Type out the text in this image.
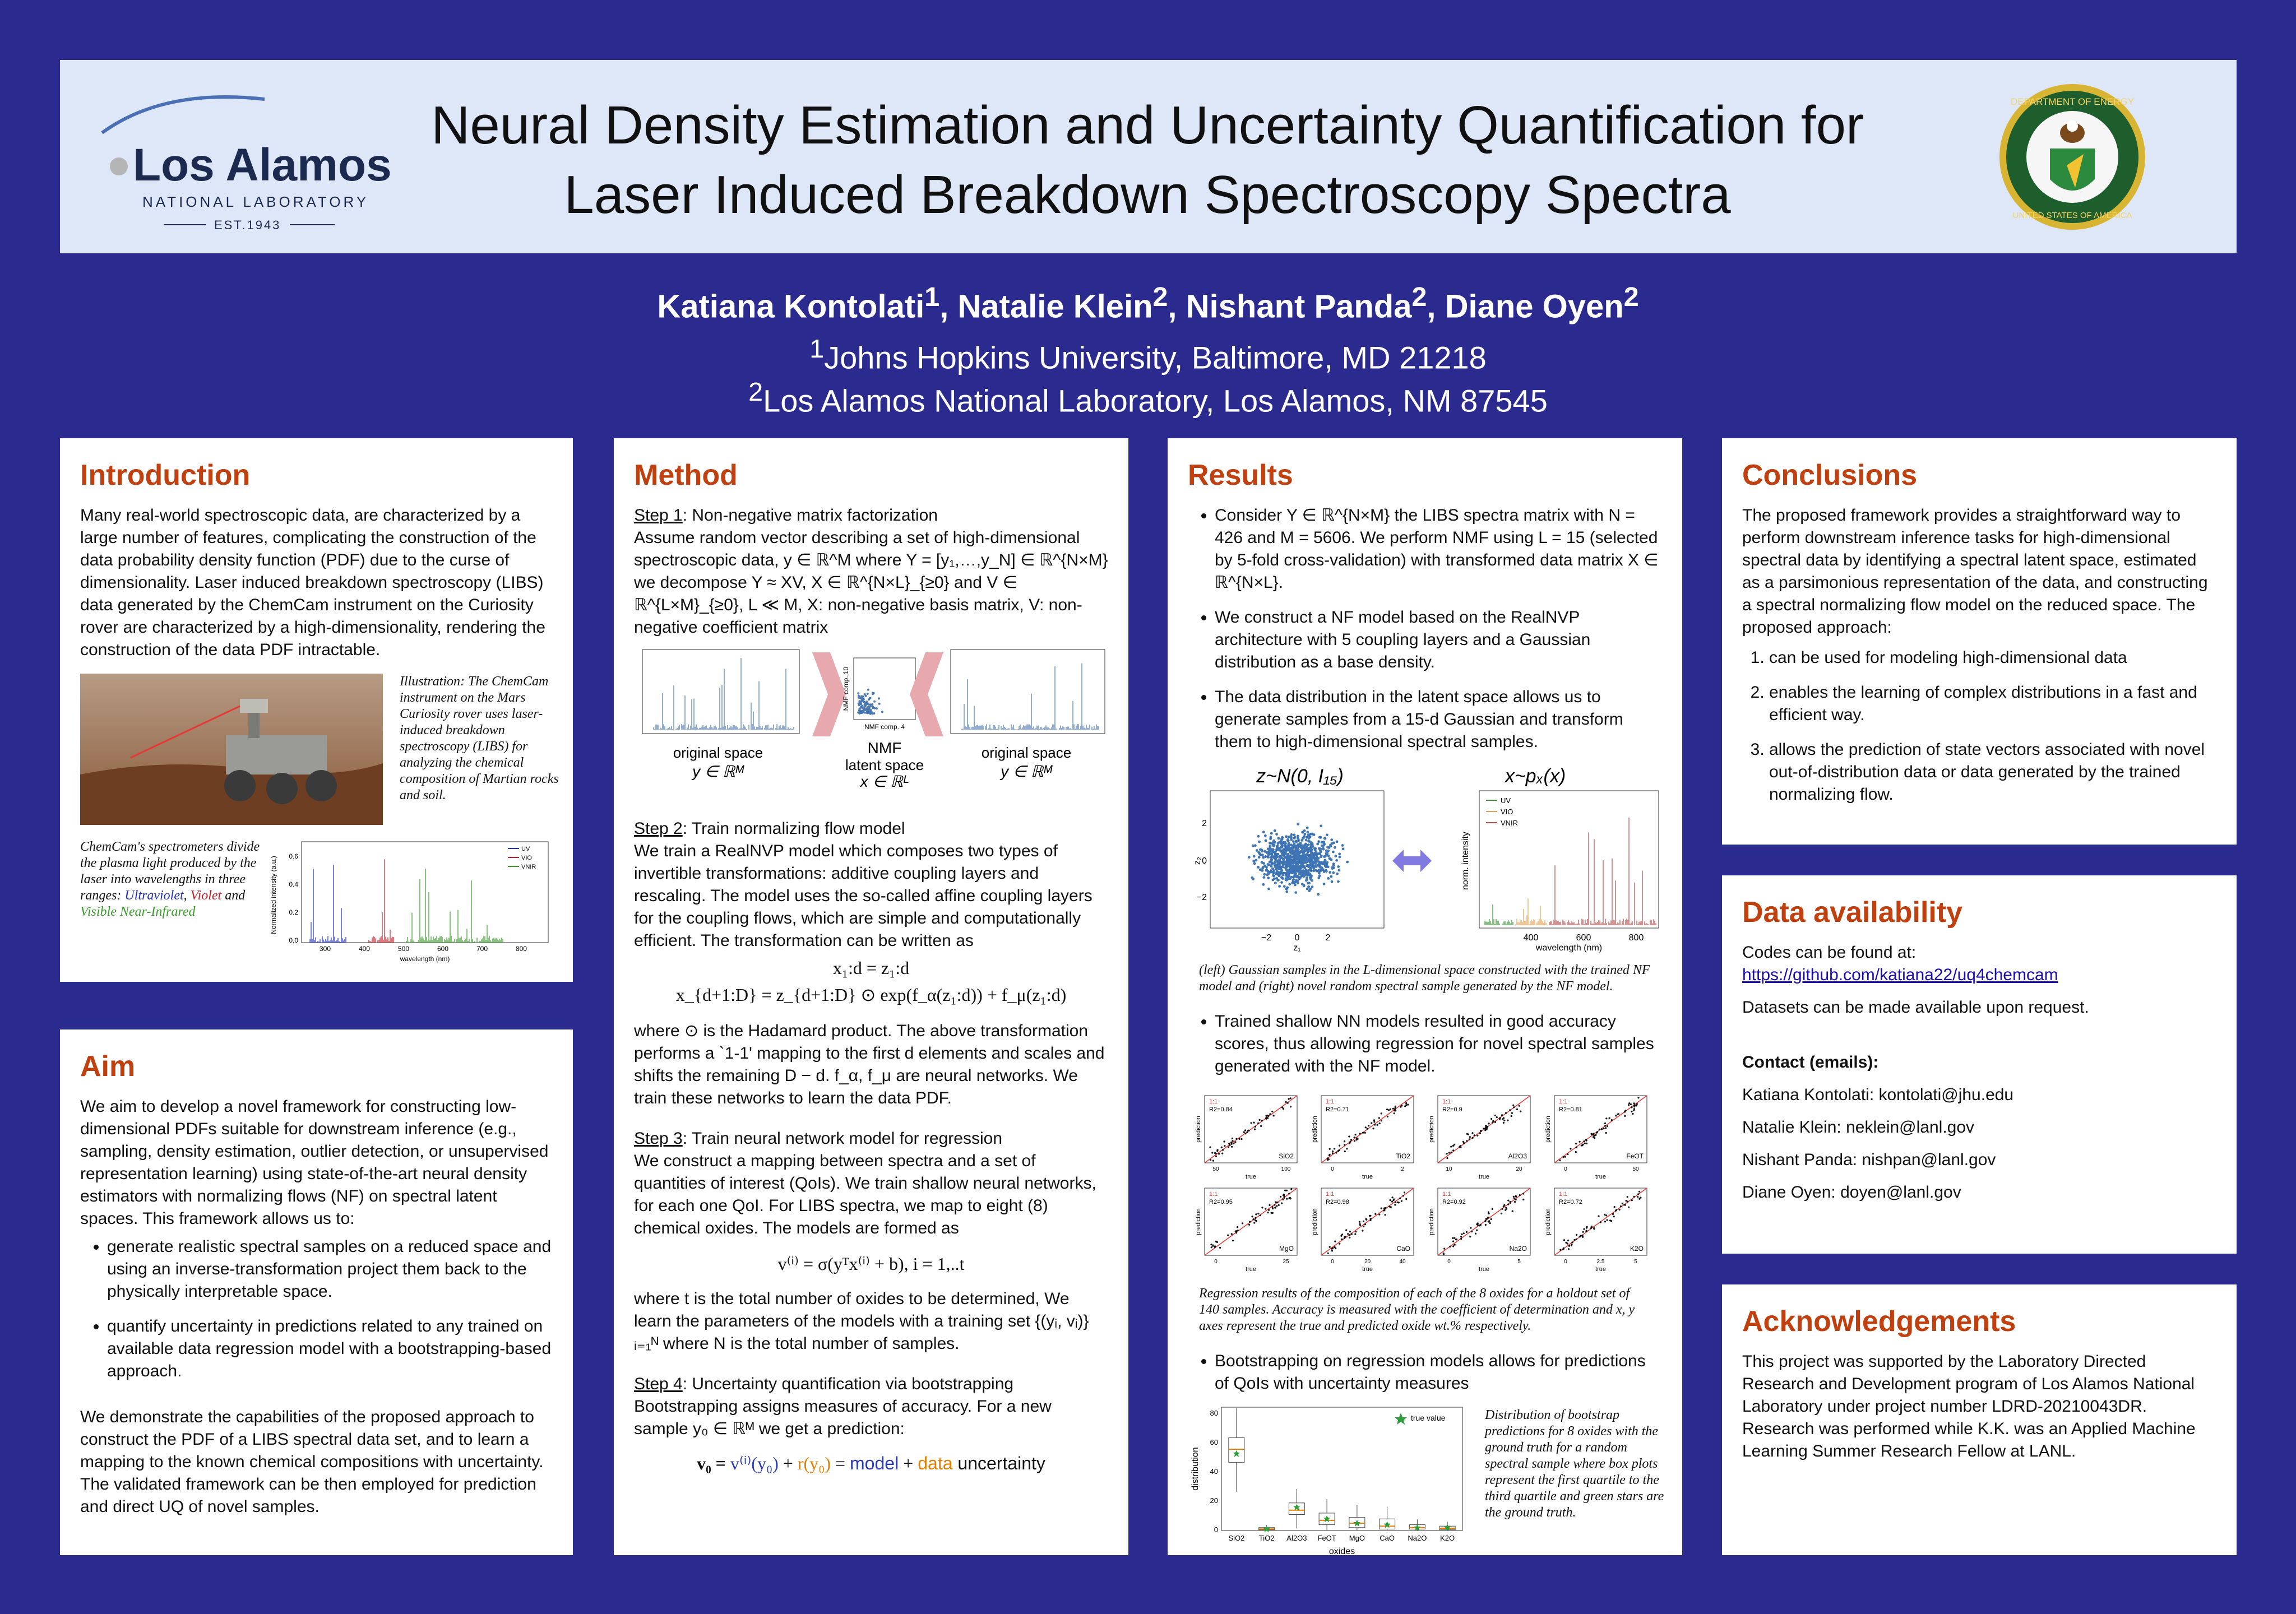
Los Alamos
NATIONAL LABORATORY
EST.1943
Neural Density Estimation and Uncertainty Quantification for
Laser Induced Breakdown Spectroscopy Spectra
DEPARTMENT OF ENERGY
UNITED STATES OF AMERICA
Katiana Kontolati$^1$, Natalie Klein$^2$, Nishant Panda$^2$, Diane Oyen$^2$
$^1$Johns Hopkins University, Baltimore, MD 21218
$^2$Los Alamos National Laboratory, Los Alamos, NM 87545
Introduction

Many real-world spectroscopic data, are characterized by a large number of features, complicating the construction of the data probability density function (PDF) due to the curse of dimensionality. Laser induced breakdown spectroscopy (LIBS) data generated by the ChemCam instrument on the Curiosity rover are characterized by a high-dimensionality, rendering the construction of the data PDF intractable.

Illustration: The ChemCam instrument on the Mars Curiosity rover uses laser-induced breakdown spectroscopy (LIBS) for analyzing the chemical composition of Martian rocks and soil.
ChemCam's spectrometers divide the plasma light produced by the laser into wavelengths in three ranges: Ultraviolet, Violet and Visible Near-Infrared	Normalized intensity (a.u.)
0.0
0.2
0.4
0.6
300	400	500	600	700	800
wavelength (nm)
UV
VIO
VNIR
Aim

We aim to develop a novel framework for constructing low-dimensional PDFs suitable for downstream inference (e.g., sampling, density estimation, outlier detection, or unsupervised representation learning) using state-of-the-art neural density estimators with normalizing flows (NF) on spectral latent spaces. This framework allows us to:

• generate realistic spectral samples on a reduced space and using an inverse-transformation project them back to the physically interpretable space.
• quantify uncertainty in predictions related to any trained on available data regression model with a bootstrapping-based approach.

We demonstrate the capabilities of the proposed approach to construct the PDF of a LIBS spectral data set, and to learn a mapping to the known chemical compositions with uncertainty. The validated framework can be then employed for prediction and direct UQ of novel samples.

Method

Step 1: Non-negative matrix factorization

Assume random vector describing a set of high-dimensional spectroscopic data, y ∈ ℝ^M where Y = [y₁,…,y_N] ∈ ℝ^{N×M} we decompose Y ≈ XV, X ∈ ℝ^{N×L}_{≥0} and V ∈ ℝ^{L×M}_{≥0}, L ≪ M, X: non-negative basis matrix, V: non-negative coefficient matrix

NMF comp. 4
NMF comp. 10
original space
y ∈ ℝᴹ
NMF
latent space
x ∈ ℝᴸ
original space
y ∈ ℝᴹ

Step 2: Train normalizing flow model

We train a RealNVP model which composes two types of invertible transformations: additive coupling layers and rescaling. The model uses the so-called affine coupling layers for the coupling flows, which are simple and computationally efficient. The transformation can be written as

x₁:d = z₁:d
x_{d+1:D} = z_{d+1:D} ⊙ exp(f_α(z₁:d)) + f_μ(z₁:d)

where ⊙ is the Hadamard product. The above transformation performs a `1-1' mapping to the first d elements and scales and shifts the remaining D − d. f_α, f_μ are neural networks. We train these networks to learn the data PDF.

Step 3: Train neural network model for regression

We construct a mapping between spectra and a set of quantities of interest (QoIs). We train shallow neural networks, for each one QoI. For LIBS spectra, we map to eight (8) chemical oxides. The models are formed as

v⁽ⁱ⁾ = σ(yᵀx⁽ⁱ⁾ + b), i = 1,..t

where t is the total number of oxides to be determined, We learn the parameters of the models with a training set {(yᵢ, vᵢ)}ᵢ₌₁ᴺ where N is the total number of samples.

Step 4: Uncertainty quantification via bootstrapping

Bootstrapping assigns measures of accuracy. For a new sample y₀ ∈ ℝᴹ we get a prediction:

v₀ = v⁽ⁱ⁾(y₀) + r(y₀) = model + data uncertainty
Results
• Consider Y ∈ ℝ^{N×M} the LIBS spectra matrix with N = 426 and M = 5606. We perform NMF using L = 15 (selected by 5-fold cross-validation) with transformed data matrix X ∈ ℝ^{N×L}.
• We construct a NF model based on the RealNVP architecture with 5 coupling layers and a Gaussian distribution as a base density.
• The data distribution in the latent space allows us to generate samples from a 15-d Gaussian and transform them to high-dimensional spectral samples.
z~N(0, I₁₅)	x~pₓ(x)
z₂
z₁
−2	0	2
2
0
−2
norm. intensity
wavelength (nm)
400	600	800
UV
VIO
VNIR
(left) Gaussian samples in the L-dimensional space constructed with the trained NF model and (right) novel random spectral sample generated by the NF model.
• Trained shallow NN models resulted in good accuracy scores, thus allowing regression for novel spectral samples generated with the NF model.
1:1
R2=0.84
SiO2
true
prediction
50	100
1:1
R2=0.71
TiO2
true
prediction
0	2
1:1
R2=0.9
Al2O3
true
prediction
10	20
1:1
R2=0.81
FeOT
true
prediction
0	50
1:1
R2=0.95
MgO
true
prediction
0	25
1:1
R2=0.98
CaO
true
prediction
0	20	40
1:1
R2=0.92
Na2O
true
prediction
0	5
1:1
R2=0.72
K2O
true
prediction
0	2.5	5
Regression results of the composition of each of the 8 oxides for a holdout set of 140 samples. Accuracy is measured with the coefficient of determination and x, y axes represent the true and predicted oxide wt.% respectively.
• Bootstrapping on regression models allows for predictions of QoIs with uncertainty measures
SiO2 TiO2 Al2O3 FeOT MgO CaO Na2O K2O
distribution
oxides
0
20
40
60
80
true value	Distribution of bootstrap predictions for 8 oxides with the ground truth for a random spectral sample where box plots represent the first quartile to the third quartile and green stars are the ground truth.
Conclusions

The proposed framework provides a straightforward way to perform downstream inference tasks for high-dimensional spectral data by identifying a spectral latent space, estimated as a parsimonious representation of the data, and constructing a spectral normalizing flow model on the reduced space. The proposed approach:

1. can be used for modeling high-dimensional data
2. enables the learning of complex distributions in a fast and efficient way.
3. allows the prediction of state vectors associated with novel out-of-distribution data or data generated by the trained normalizing flow.
Data availability

Codes can be found at:

https://github.com/katiana22/uq4chemcam

Datasets can be made available upon request.

Contact (emails):

Katiana Kontolati: kontolati@jhu.edu

Natalie Klein: neklein@lanl.gov

Nishant Panda: nishpan@lanl.gov

Diane Oyen: doyen@lanl.gov

Acknowledgements

This project was supported by the Laboratory Directed Research and Development program of Los Alamos National Laboratory under project number LDRD-20210043DR. Research was performed while K.K. was an Applied Machine Learning Summer Research Fellow at LANL.
